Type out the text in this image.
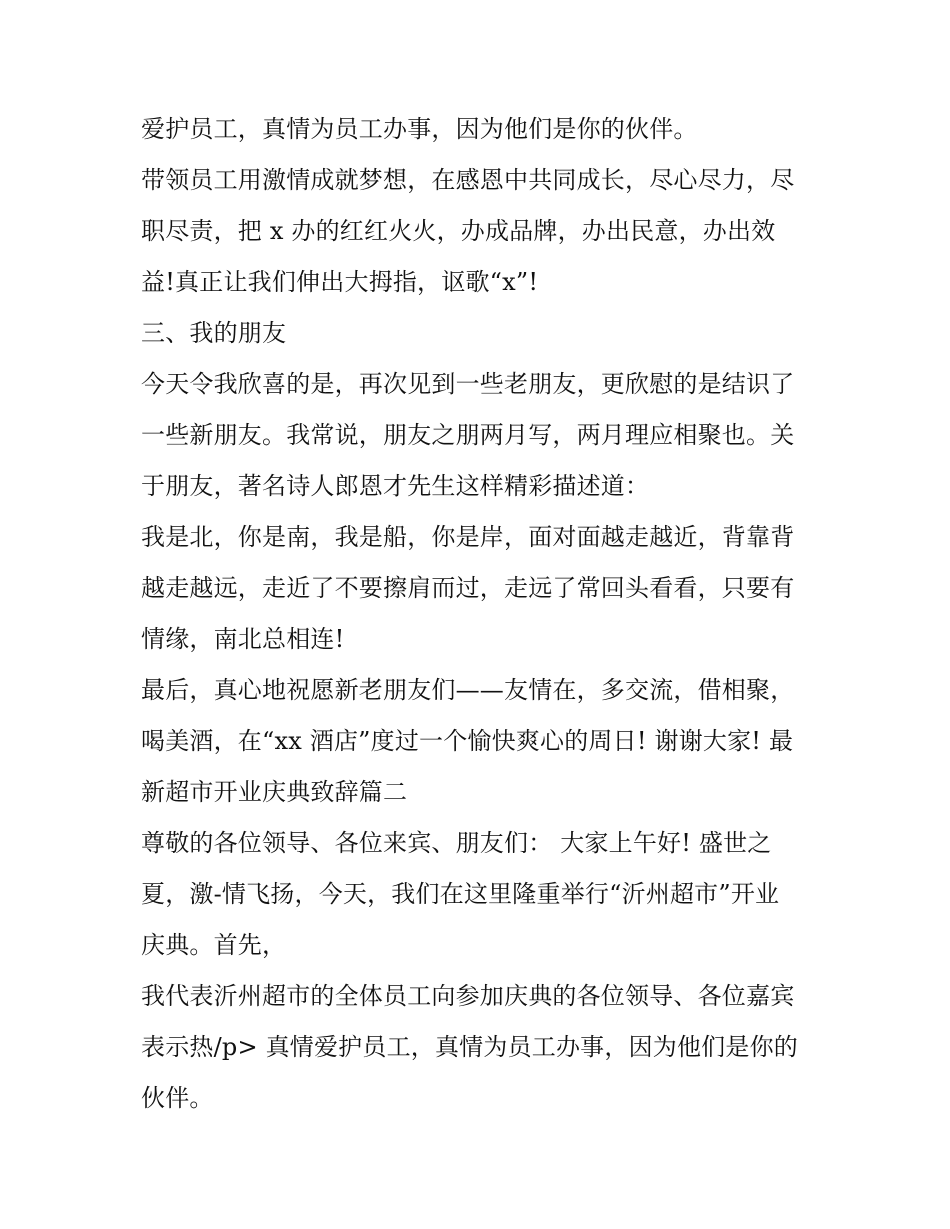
爱护员工，真情为员工办事，因为他们是你的伙伴。
带领员工用激情成就梦想，在感恩中共同成长，尽心尽力，尽
职尽责，把 x 办的红红火火，办成品牌，办出民意，办出效
益!真正让我们伸出大拇指，讴歌“x”!
三、我的朋友
今天令我欣喜的是，再次见到一些老朋友，更欣慰的是结识了
一些新朋友。我常说，朋友之朋两月写，两月理应相聚也。关
于朋友，著名诗人郎恩才先生这样精彩描述道：
我是北，你是南，我是船，你是岸，面对面越走越近，背靠背
越走越远，走近了不要擦肩而过，走远了常回头看看，只要有
情缘，南北总相连!
最后，真心地祝愿新老朋友们——友情在，多交流，借相聚，
喝美酒，在“xx 酒店”度过一个愉快爽心的周日! 谢谢大家! 最
新超市开业庆典致辞篇二
尊敬的各位领导、各位来宾、朋友们： 大家上午好! 盛世之
夏，激-情飞扬，今天，我们在这里隆重举行“沂州超市”开业
庆典。首先，
我代表沂州超市的全体员工向参加庆典的各位领导、各位嘉宾
表示热/p> 真情爱护员工，真情为员工办事，因为他们是你的
伙伴。
